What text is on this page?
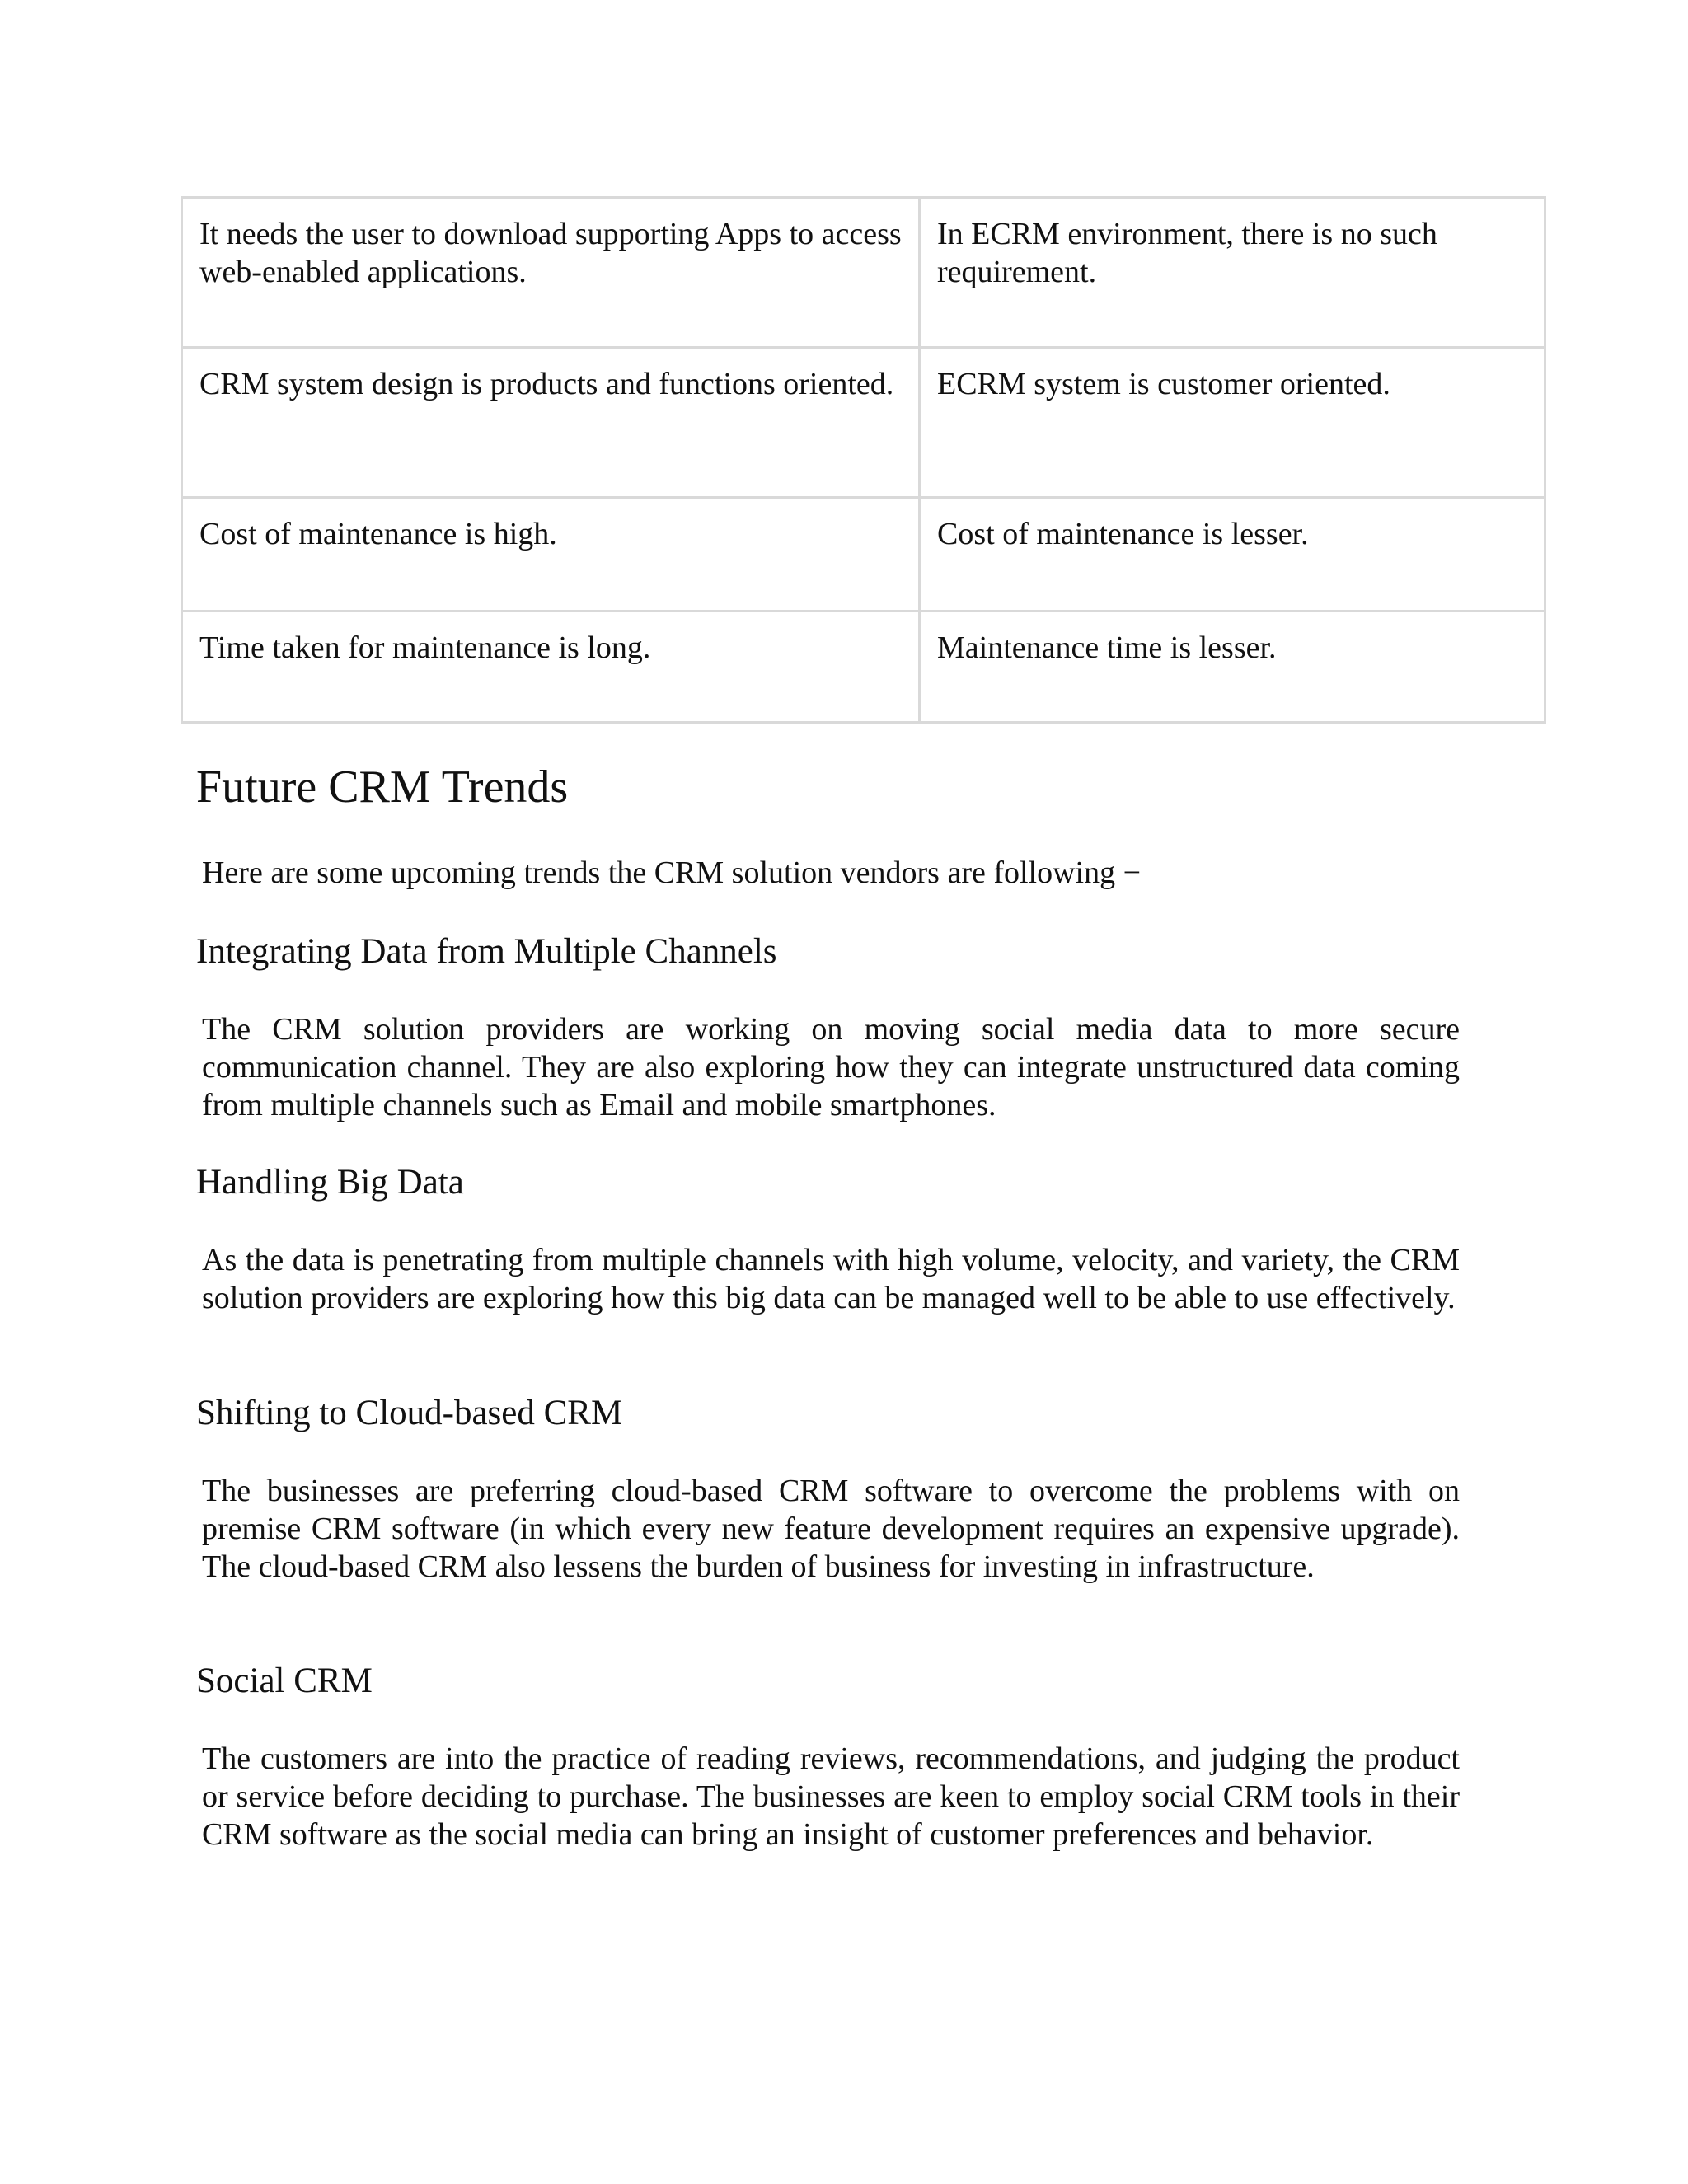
It needs the user to download supporting Apps to access web-enabled applications.	In ECRM environment, there is no such requirement.
CRM system design is products and functions oriented.	ECRM system is customer oriented.
Cost of maintenance is high.	Cost of maintenance is lesser.
Time taken for maintenance is long.	Maintenance time is lesser.
Future CRM Trends

Here are some upcoming trends the CRM solution vendors are following −

Integrating Data from Multiple Channels

The CRM solution providers are working on moving social media data to more secure communication channel. They are also exploring how they can integrate unstructured data coming from multiple channels such as Email and mobile smartphones.

Handling Big Data

As the data is penetrating from multiple channels with high volume, velocity, and variety, the CRM solution providers are exploring how this big data can be managed well to be able to use effectively.

Shifting to Cloud-based CRM

The businesses are preferring cloud-based CRM software to overcome the problems with on premise CRM software (in which every new feature development requires an expensive upgrade). The cloud-based CRM also lessens the burden of business for investing in infrastructure.

Social CRM

The customers are into the practice of reading reviews, recommendations, and judging the product or service before deciding to purchase. The businesses are keen to employ social CRM tools in their CRM software as the social media can bring an insight of customer preferences and behavior.
